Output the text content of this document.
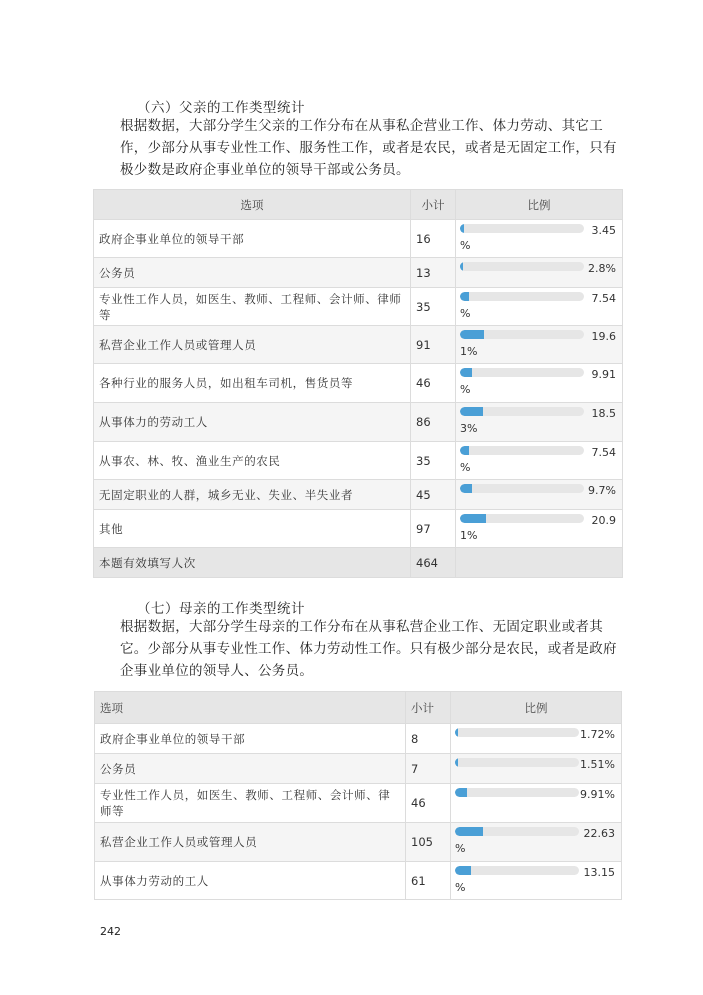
（六）父亲的工作类型统计
根据数据，大部分学生父亲的工作分布在从事私企营业工作、体力劳动、其它工作，少部分从事专业性工作、服务性工作，或者是农民，或者是无固定工作，只有极少数是政府企事业单位的领导干部或公务员。
选项	小计	比例
政府企事业单位的领导干部	16	3.45
%

公务员	13	2.8%

专业性工作人员，如医生、教师、工程师、会计师、律师等	35	7.54
%

私营企业工作人员或管理人员	91	19.6
1%

各种行业的服务人员，如出租车司机，售货员等	46	9.91
%

从事体力的劳动工人	86	18.5
3%

从事农、林、牧、渔业生产的农民	35	7.54
%

无固定职业的人群，城乡无业、失业、半失业者	45	9.7%

其他	97	20.9
1%

本题有效填写人次	464	
（七）母亲的工作类型统计
根据数据，大部分学生母亲的工作分布在从事私营企业工作、无固定职业或者其它。少部分从事专业性工作、体力劳动性工作。只有极少部分是农民，或者是政府企事业单位的领导人、公务员。
选项	小计	比例
政府企事业单位的领导干部	8	1.72%

公务员	7	1.51%

专业性工作人员，如医生、教师、工程师、会计师、律师等	46	9.91%

私营企业工作人员或管理人员	105	22.63
%

从事体力劳动的工人	61	13.15
%
242
